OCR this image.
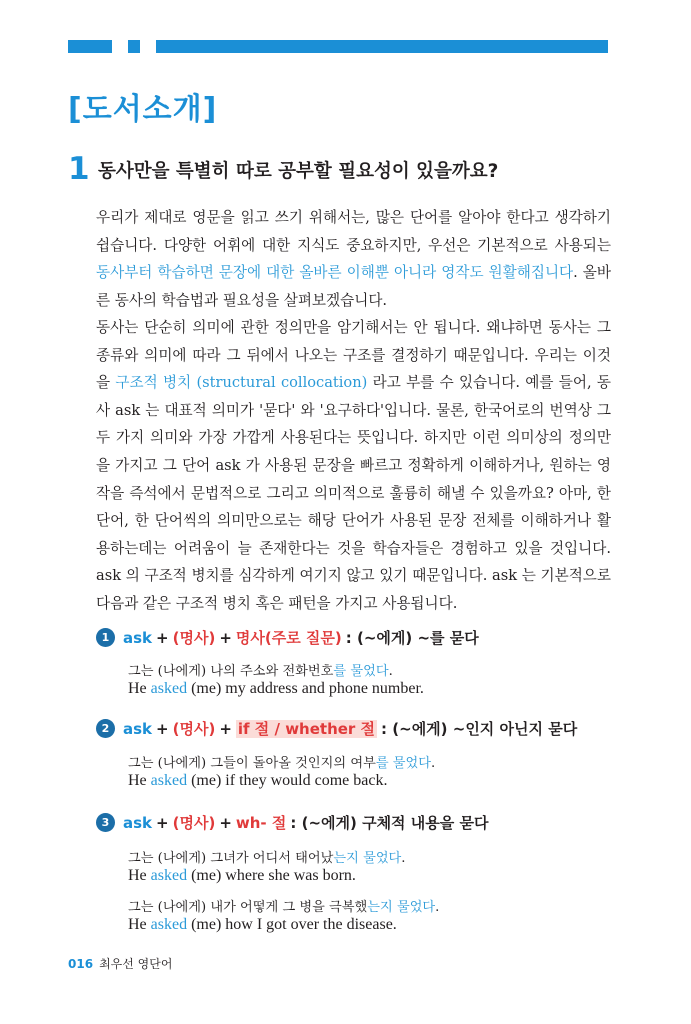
[도서소개]
1 동사만을 특별히 따로 공부할 필요성이 있을까요?

우리가 제대로 영문을 읽고 쓰기 위해서는, 많은 단어를 알아야 한다고 생각하기 쉽습니다. 다양한 어휘에 대한 지식도 중요하지만, 우선은 기본적으로 사용되는 동사부터 학습하면 문장에 대한 올바른 이해뿐 아니라 영작도 원활해집니다. 올바른 동사의 학습법과 필요성을 살펴보겠습니다.

동사는 단순히 의미에 관한 정의만을 암기해서는 안 됩니다. 왜냐하면 동사는 그 종류와 의미에 따라 그 뒤에서 나오는 구조를 결정하기 때문입니다. 우리는 이것을 구조적 병치 (structural collocation) 라고 부를 수 있습니다. 예를 들어, 동사 ask 는 대표적 의미가 '묻다' 와 '요구하다'입니다. 물론, 한국어로의 번역상 그 두 가지 의미와 가장 가깝게 사용된다는 뜻입니다. 하지만 이런 의미상의 정의만을 가지고 그 단어 ask 가 사용된 문장을 빠르고 정확하게 이해하거나, 원하는 영작을 즉석에서 문법적으로 그리고 의미적으로 훌륭히 해낼 수 있을까요? 아마, 한 단어, 한 단어씩의 의미만으로는 해당 단어가 사용된 문장 전체를 이해하거나 활용하는데는 어려움이 늘 존재한다는 것을 학습자들은 경험하고 있을 것입니다. ask 의 구조적 병치를 심각하게 여기지 않고 있기 때문입니다. ask 는 기본적으로 다음과 같은 구조적 병치 혹은 패턴을 가지고 사용됩니다.

1 ask + (명사) + 명사(주로 질문) : (~에게) ~를 묻다

그는 (나에게) 나의 주소와 전화번호를 물었다.

He asked (me) my address and phone number.

2 ask + (명사) + if 절 / whether 절 : (~에게) ~인지 아닌지 묻다

그는 (나에게) 그들이 돌아올 것인지의 여부를 물었다.

He asked (me) if they would come back.

3 ask + (명사) + wh- 절 : (~에게) 구체적 내용을 묻다

그는 (나에게) 그녀가 어디서 태어났는지 물었다.

He asked (me) where she was born.

그는 (나에게) 내가 어떻게 그 병을 극복했는지 물었다.

He asked (me) how I got over the disease.

016 최우선 영단어
